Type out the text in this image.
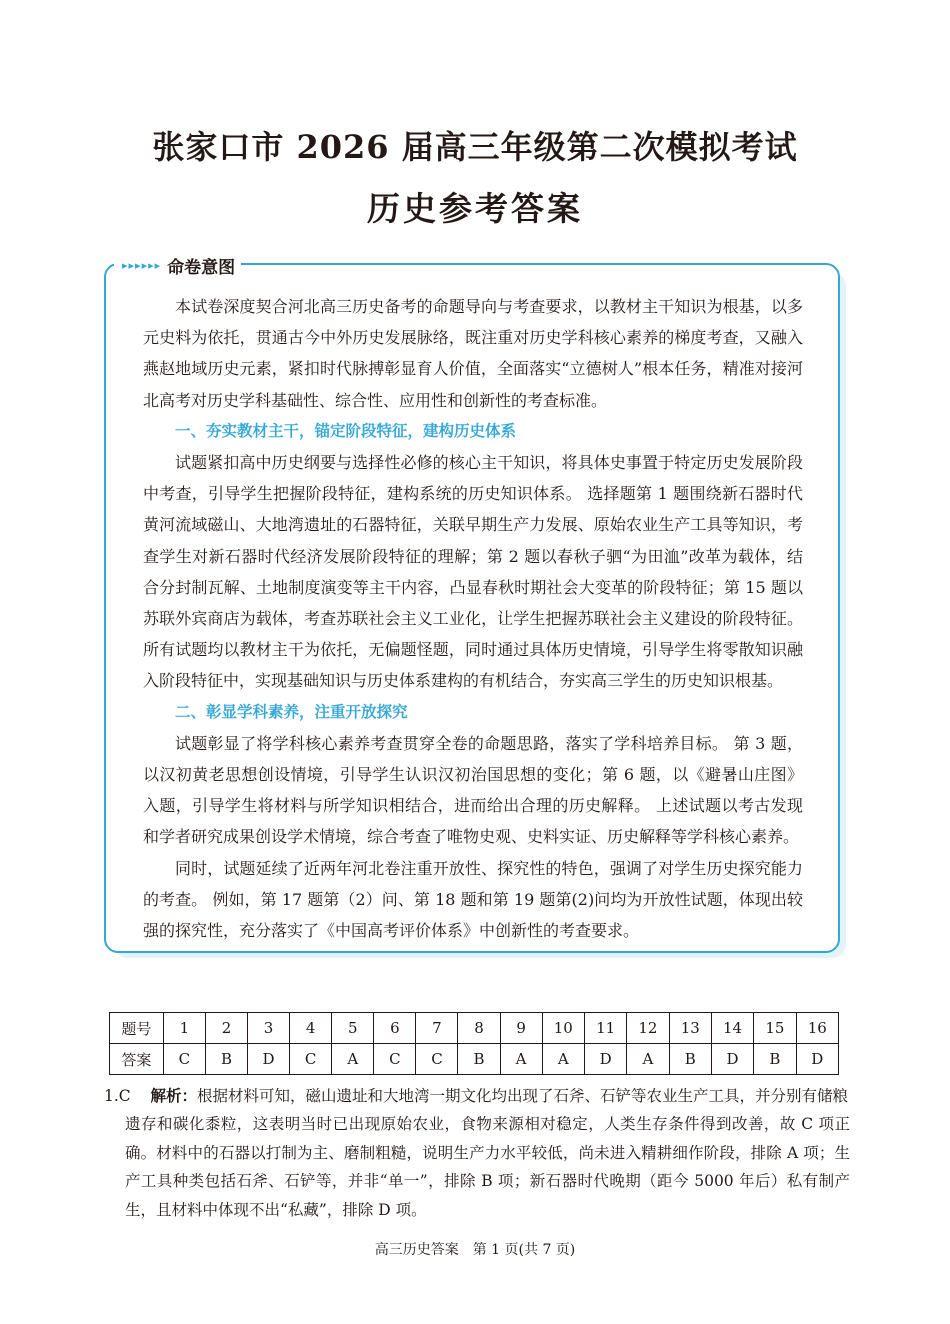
张家口市 2026 届高三年级第二次模拟考试
历史参考答案
▸▸▸▸▸▸ 命卷意图

本试卷深度契合河北高三历史备考的命题导向与考查要求，以教材主干知识为根基，以多元史料为依托，贯通古今中外历史发展脉络，既注重对历史学科核心素养的梯度考查，又融入燕赵地域历史元素，紧扣时代脉搏彰显育人价值，全面落实“立德树人”根本任务，精准对接河北高考对历史学科基础性、综合性、应用性和创新性的考查标准。

一、夯实教材主干，锚定阶段特征，建构历史体系

试题紧扣高中历史纲要与选择性必修的核心主干知识，将具体史事置于特定历史发展阶段中考查，引导学生把握阶段特征，建构系统的历史知识体系。 选择题第 1 题围绕新石器时代黄河流域磁山、大地湾遗址的石器特征，关联早期生产力发展、原始农业生产工具等知识，考查学生对新石器时代经济发展阶段特征的理解；第 2 题以春秋子驷“为田洫”改革为载体，结合分封制瓦解、土地制度演变等主干内容，凸显春秋时期社会大变革的阶段特征；第 15 题以苏联外宾商店为载体，考查苏联社会主义工业化，让学生把握苏联社会主义建设的阶段特征。 所有试题均以教材主干为依托，无偏题怪题，同时通过具体历史情境，引导学生将零散知识融入阶段特征中，实现基础知识与历史体系建构的有机结合，夯实高三学生的历史知识根基。

二、彰显学科素养，注重开放探究

试题彰显了将学科核心素养考查贯穿全卷的命题思路，落实了学科培养目标。 第 3 题，以汉初黄老思想创设情境，引导学生认识汉初治国思想的变化；第 6 题，以《避暑山庄图》入题，引导学生将材料与所学知识相结合，进而给出合理的历史解释。 上述试题以考古发现和学者研究成果创设学术情境，综合考查了唯物史观、史料实证、历史解释等学科核心素养。

同时，试题延续了近两年河北卷注重开放性、探究性的特色，强调了对学生历史探究能力的考查。 例如，第 17 题第（2）问、第 18 题和第 19 题第(2)问均为开放性试题，体现出较强的探究性，充分落实了《中国高考评价体系》中创新性的考查要求。

题号	1	2	3	4	5	6	7	8	9	10	11	12	13	14	15	16
答案	C	B	D	C	A	C	C	B	A	A	D	A	B	D	B	D
1.C 解析：根据材料可知，磁山遗址和大地湾一期文化均出现了石斧、石铲等农业生产工具，并分别有储粮
遗存和碳化黍粒，这表明当时已出现原始农业，食物来源相对稳定，人类生存条件得到改善，故 C 项正确。材料中的石器以打制为主、磨制粗糙，说明生产力水平较低，尚未进入精耕细作阶段，排除 A 项；生产工具种类包括石斧、石铲等，并非“单一”，排除 B 项；新石器时代晚期（距今 5000 年后）私有制产生，且材料中体现不出“私藏”，排除 D 项。
高三历史答案　第 1 页(共 7 页)
